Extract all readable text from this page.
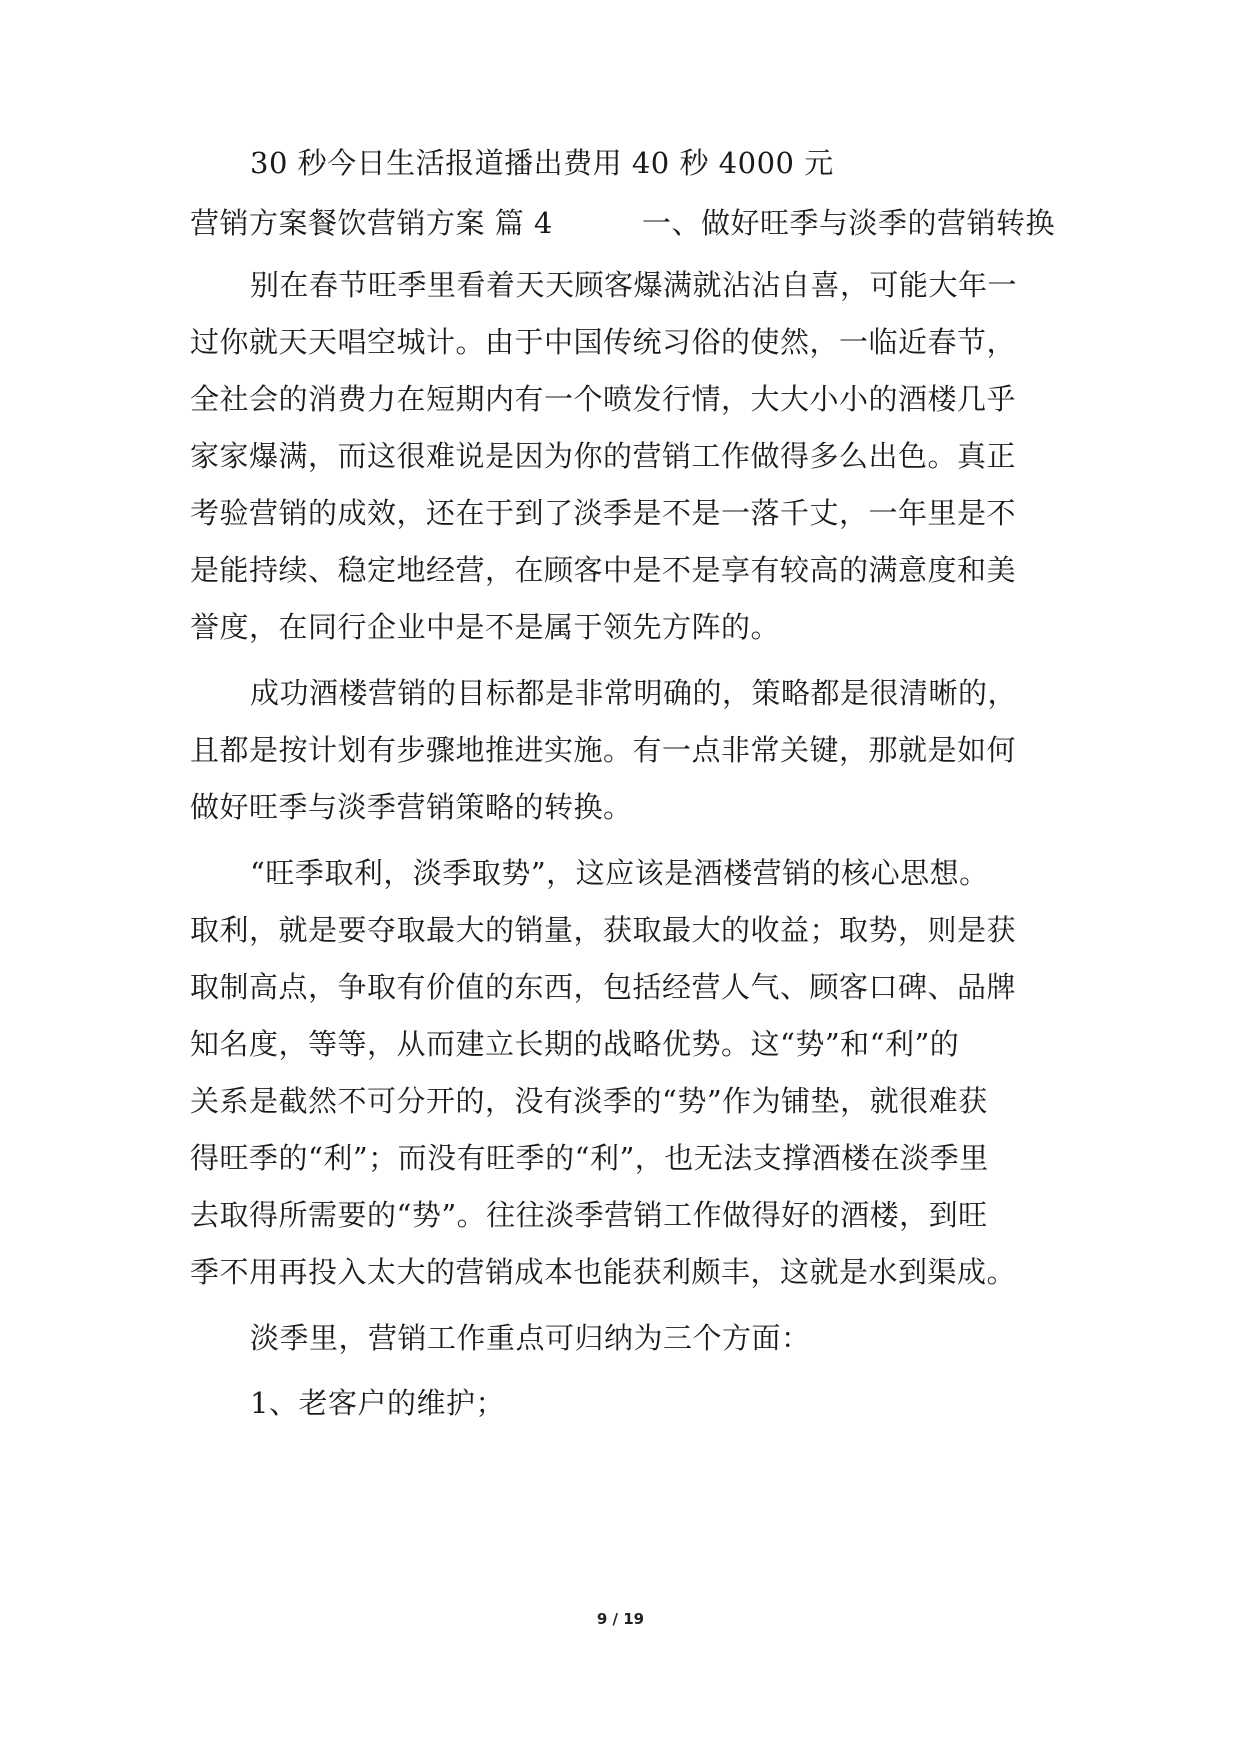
30 秒今日生活报道播出费用 40 秒 4000 元
营销方案餐饮营销方案 篇 4	一、做好旺季与淡季的营销转换
别在春节旺季里看着天天顾客爆满就沾沾自喜，可能大年一
过你就天天唱空城计。由于中国传统习俗的使然，一临近春节，
全社会的消费力在短期内有一个喷发行情，大大小小的酒楼几乎
家家爆满，而这很难说是因为你的营销工作做得多么出色。真正
考验营销的成效，还在于到了淡季是不是一落千丈，一年里是不
是能持续、稳定地经营，在顾客中是不是享有较高的满意度和美
誉度，在同行企业中是不是属于领先方阵的。
成功酒楼营销的目标都是非常明确的，策略都是很清晰的，
且都是按计划有步骤地推进实施。有一点非常关键，那就是如何
做好旺季与淡季营销策略的转换。
“旺季取利，淡季取势”，这应该是酒楼营销的核心思想。
取利，就是要夺取最大的销量，获取最大的收益；取势，则是获
取制高点，争取有价值的东西，包括经营人气、顾客口碑、品牌
知名度，等等，从而建立长期的战略优势。这“势”和“利”的
关系是截然不可分开的，没有淡季的“势”作为铺垫，就很难获
得旺季的“利”；而没有旺季的“利”，也无法支撑酒楼在淡季里
去取得所需要的“势”。往往淡季营销工作做得好的酒楼，到旺
季不用再投入太大的营销成本也能获利颇丰，这就是水到渠成。
淡季里，营销工作重点可归纳为三个方面：
1、老客户的维护；
9 / 19
